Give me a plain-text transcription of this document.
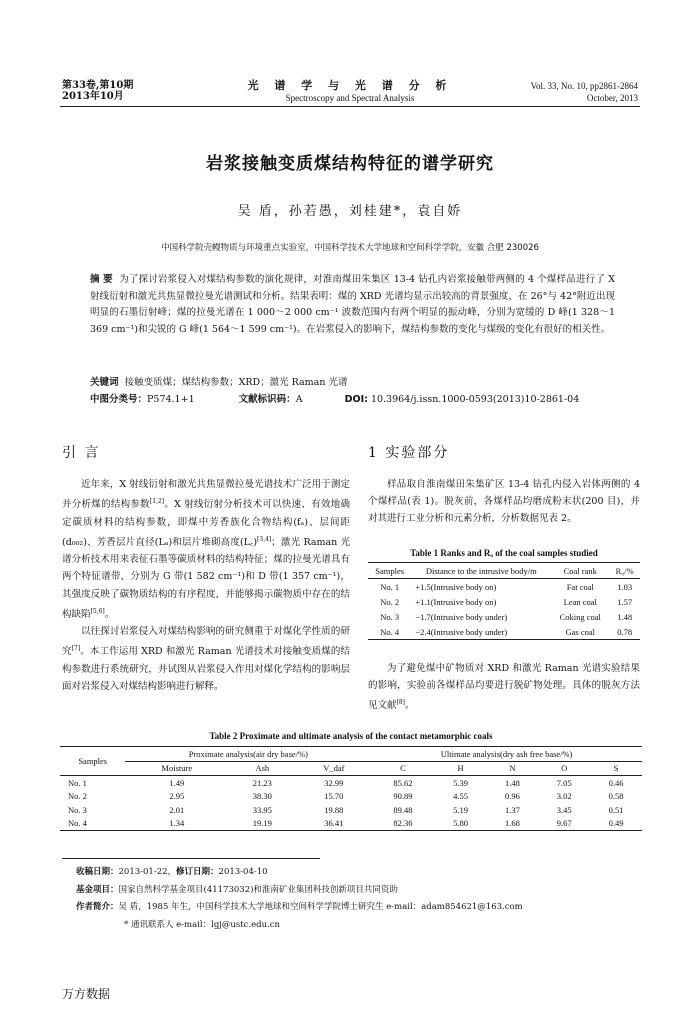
第33卷,第10期
2013年10月
光 谱 学 与 光 谱 分 析
Spectroscopy and Spectral Analysis
Vol. 33, No. 10, pp2861-2864
October, 2013
岩浆接触变质煤结构特征的谱学研究
吴 盾，孙若愚，刘桂建*，袁自娇
中国科学院壳幔物质与环境重点实验室，中国科学技术大学地球和空间科学学院，安徽 合肥 230026
摘 要 为了探讨岩浆侵入对煤结构参数的演化规律，对淮南煤田朱集区 13-4 钻孔内岩浆接触带两侧的 4 个煤样品进行了 X 射线衍射和激光共焦显微拉曼光谱测试和分析。结果表明：煤的 XRD 光谱均显示出较高的背景强度，在 26°与 42°附近出现明显的石墨衍射峰；煤的拉曼光谱在 1 000～2 000 cm⁻¹ 波数范围内有两个明显的振动峰，分别为宽缓的 D 峰(1 328～1 369 cm⁻¹)和尖锐的 G 峰(1 564～1 599 cm⁻¹)。在岩浆侵入的影响下，煤结构参数的变化与煤级的变化有很好的相关性。
关键词 接触变质煤；煤结构参数；XRD；激光 Raman 光谱
中图分类号：P574.1+1	文献标识码：A	DOI: 10.3964/j.issn.1000-0593(2013)10-2861-04
引 言

近年来，X 射线衍射和激光共焦显微拉曼光谱技术广泛用于测定并分析煤的结构参数[1,2]。X 射线衍射分析技术可以快速、有效地确定碳质材料的结构参数，即煤中芳香族化合物结构(fₐ)、层间距(d₀₀₂)、芳香层片直径(Lₐ)和层片堆砌高度(L꜀)[3,4]；激光 Raman 光谱分析技术用来表征石墨等碳质材料的结构特征；煤的拉曼光谱具有两个特征谱带，分别为 G 带(1 582 cm⁻¹)和 D 带(1 357 cm⁻¹)，其强度反映了碳物质结构的有序程度，并能够揭示碳物质中存在的结构缺陷[5,6]。

以往探讨岩浆侵入对煤结构影响的研究侧重于对煤化学性质的研究[7]。本工作运用 XRD 和激光 Raman 光谱技术对接触变质煤的结构参数进行系统研究，并试图从岩浆侵入作用对煤化学结构的影响层面对岩浆侵入对煤结构影响进行解释。

1 实验部分

样品取自淮南煤田朱集矿区 13-4 钻孔内侵入岩体两侧的 4 个煤样品(表 1)。脱灰前，各煤样品均磨成粉末状(200 目)，并对其进行工业分析和元素分析，分析数据见表 2。

Table 1 Ranks and Rₒ of the coal samples studied
Samples	Distance to the intrusive body/m	Coal rank	R₀/%
No. 1	+1.5(Intrusive body on)	Fat coal	1.03
No. 2	+1.1(Intrusive body on)	Lean coal	1.57
No. 3	−1.7(Intrusive body under)	Coking coal	1.48
No. 4	−2.4(Intrusive body under)	Gas coal	0.78

为了避免煤中矿物质对 XRD 和激光 Raman 光谱实验结果的影响，实验前各煤样品均要进行脱矿物处理。具体的脱灰方法见文献[8]。

Table 2 Proximate and ultimate analysis of the contact metamorphic coals
Samples	Proximate analysis(air dry base/%)			Ultimate analysis(dry ash free base/%)				
	Moisture	Ash	V_daf	C	H	N	O	S
No. 1	1.49	21.23	32.99	85.62	5.39	1.48	7.05	0.46
No. 2	2.95	38.30	15.70	90.89	4.55	0.96	3.02	0.58
No. 3	2.01	33.95	19.88	89.48	5.19	1.37	3.45	0.51
No. 4	1.34	19.19	36.41	82.36	5.80	1.68	9.67	0.49
收稿日期：2013-01-22，修订日期：2013-04-10
基金项目：国家自然科学基金项目(41173032)和淮南矿业集团科技创新项目共同资助
作者简介：吴 盾，1985 年生，中国科学技术大学地球和空间科学学院博士研究生 e-mail：adam854621@163.com
* 通讯联系人 e-mail：lgj@ustc.edu.cn
万方数据
